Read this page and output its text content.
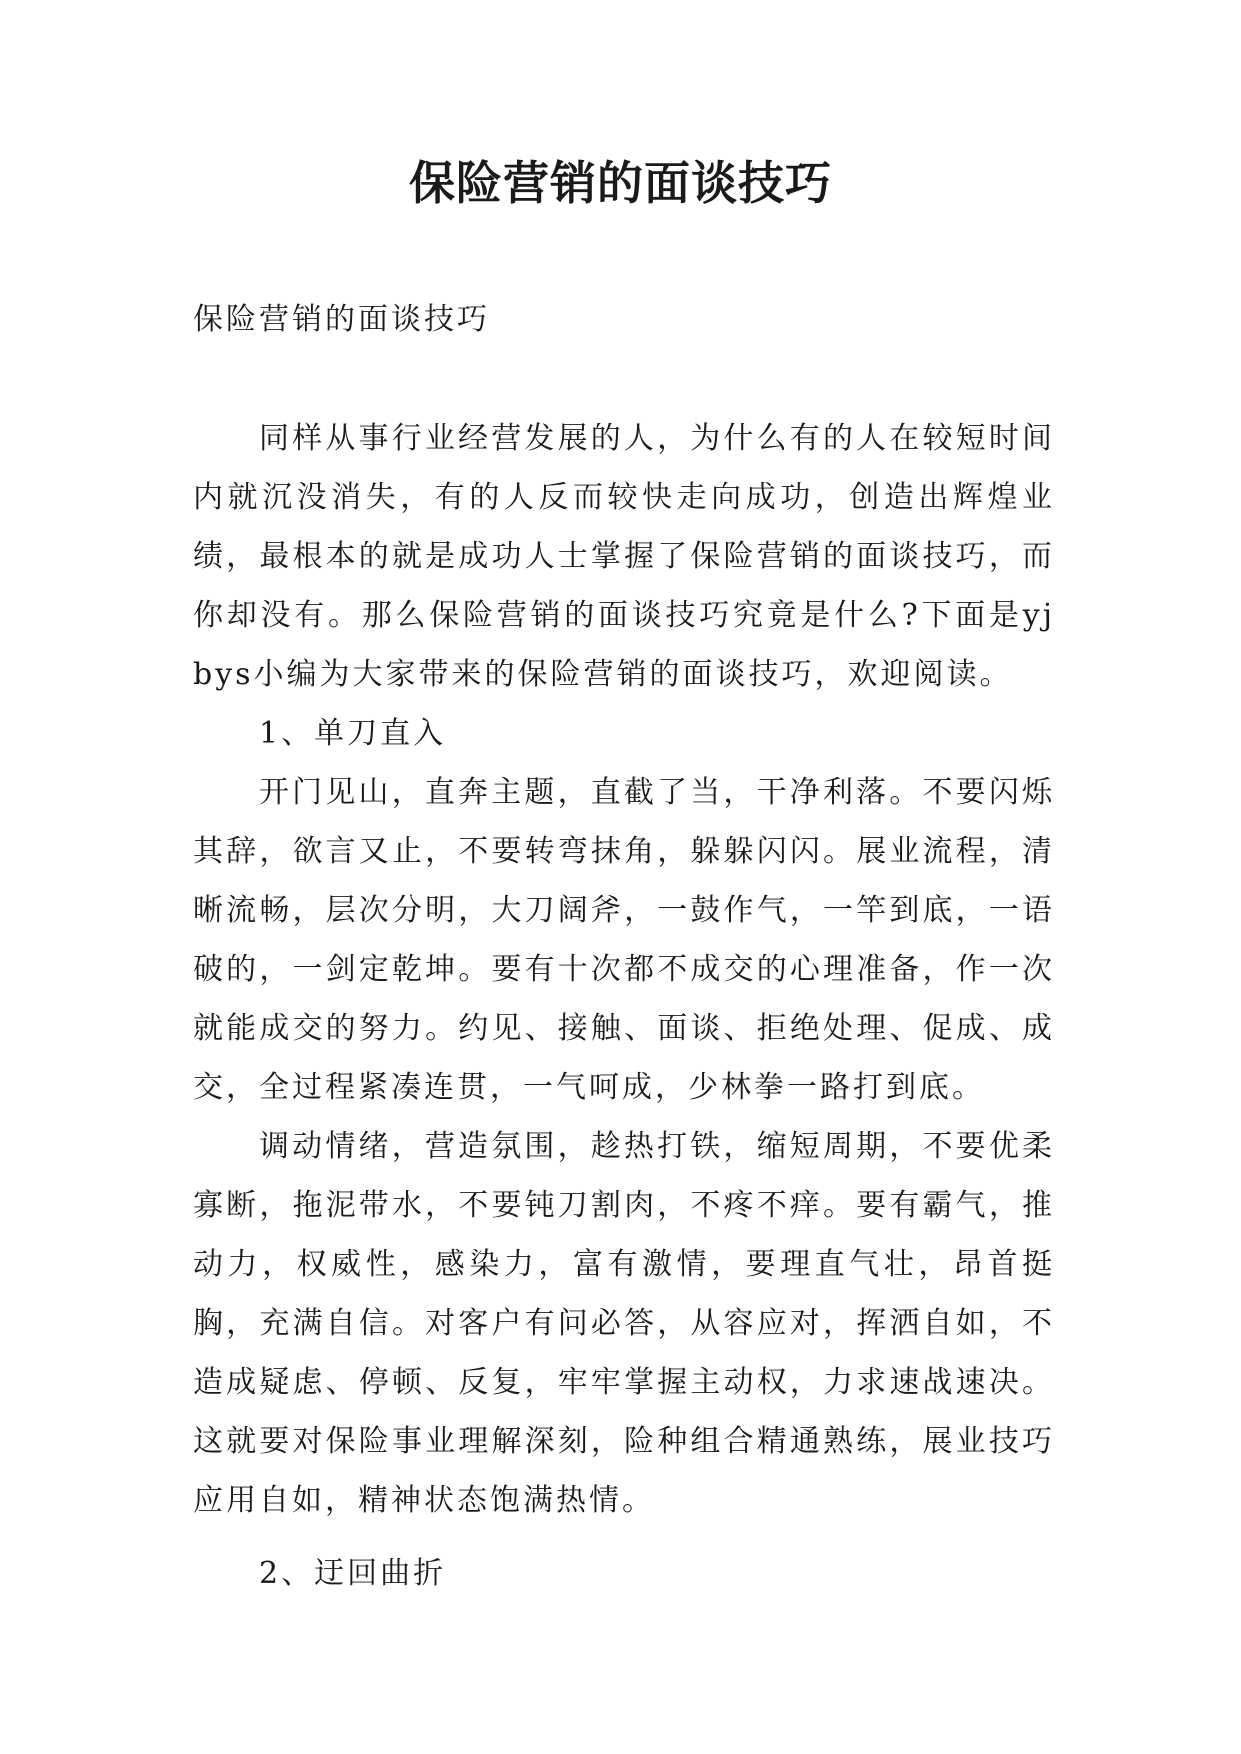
保险营销的面谈技巧

保险营销的面谈技巧

同样从事行业经营发展的人，为什么有的人在较短时间内就沉没消失，有的人反而较快走向成功，创造出辉煌业绩，最根本的就是成功人士掌握了保险营销的面谈技巧，而你却没有。那么保险营销的面谈技巧究竟是什么?下面是yjbys小编为大家带来的保险营销的面谈技巧，欢迎阅读。

1、单刀直入

开门见山，直奔主题，直截了当，干净利落。不要闪烁其辞，欲言又止，不要转弯抹角，躲躲闪闪。展业流程，清晰流畅，层次分明，大刀阔斧，一鼓作气，一竿到底，一语破的，一剑定乾坤。要有十次都不成交的心理准备，作一次就能成交的努力。约见、接触、面谈、拒绝处理、促成、成交，全过程紧凑连贯，一气呵成，少林拳一路打到底。

调动情绪，营造氛围，趁热打铁，缩短周期，不要优柔寡断，拖泥带水，不要钝刀割肉，不疼不痒。要有霸气，推动力，权威性，感染力，富有激情，要理直气壮，昂首挺胸，充满自信。对客户有问必答，从容应对，挥洒自如，不造成疑虑、停顿、反复，牢牢掌握主动权，力求速战速决。这就要对保险事业理解深刻，险种组合精通熟练，展业技巧应用自如，精神状态饱满热情。

2、迂回曲折
